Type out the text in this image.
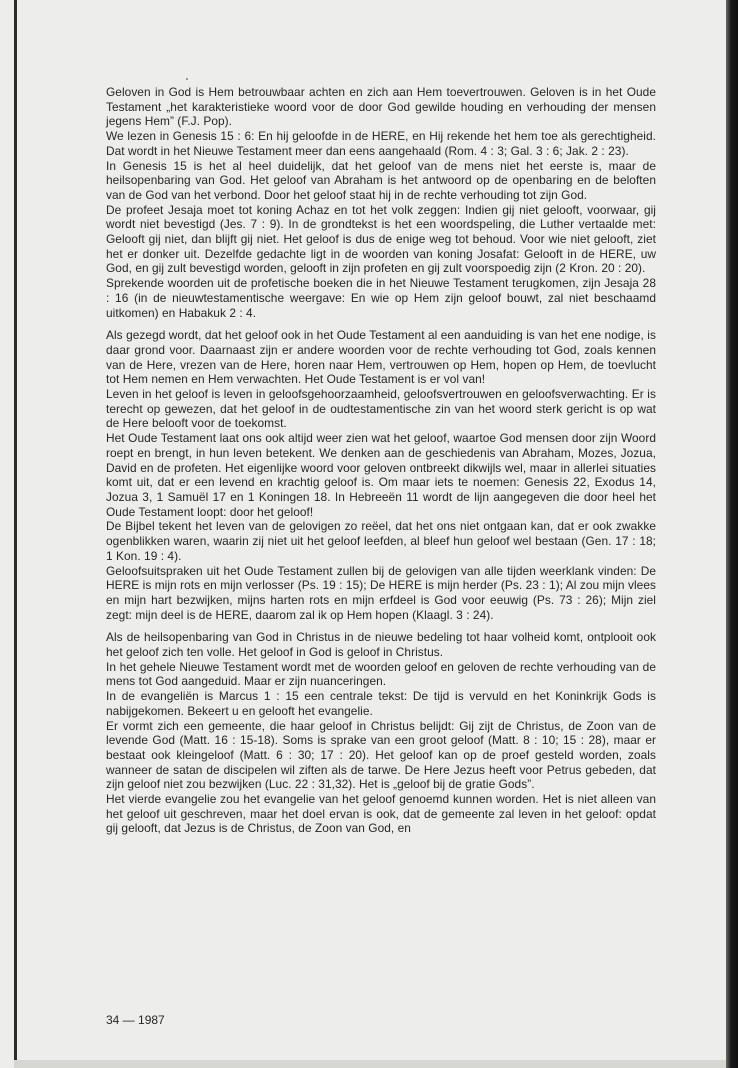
Geloven in God is Hem betrouwbaar achten en zich aan Hem toevertrouwen. Geloven is in het Oude Testament „het karakteristieke woord voor de door God gewilde houding en verhouding der mensen jegens Hem” (F.J. Pop).

We lezen in Genesis 15 : 6: En hij geloofde in de HERE, en Hij rekende het hem toe als gerechtigheid. Dat wordt in het Nieuwe Testament meer dan eens aangehaald (Rom. 4 : 3; Gal. 3 : 6; Jak. 2 : 23).

In Genesis 15 is het al heel duidelijk, dat het geloof van de mens niet het eerste is, maar de heilsopenbaring van God. Het geloof van Abraham is het antwoord op de openbaring en de beloften van de God van het verbond. Door het geloof staat hij in de rechte verhouding tot zijn God.

De profeet Jesaja moet tot koning Achaz en tot het volk zeggen: Indien gij niet gelooft, voorwaar, gij wordt niet bevestigd (Jes. 7 : 9). In de grondtekst is het een woordspeling, die Luther vertaalde met: Gelooft gij niet, dan blijft gij niet. Het geloof is dus de enige weg tot behoud. Voor wie niet gelooft, ziet het er donker uit. Dezelfde gedachte ligt in de woorden van koning Josafat: Gelooft in de HERE, uw God, en gij zult bevestigd worden, gelooft in zijn profeten en gij zult voorspoedig zijn (2 Kron. 20 : 20).

Sprekende woorden uit de profetische boeken die in het Nieuwe Testament terugkomen, zijn Jesaja 28 : 16 (in de nieuwtestamentische weergave: En wie op Hem zijn geloof bouwt, zal niet beschaamd uitkomen) en Habakuk 2 : 4.

Als gezegd wordt, dat het geloof ook in het Oude Testament al een aanduiding is van het ene nodige, is daar grond voor. Daarnaast zijn er andere woorden voor de rechte verhouding tot God, zoals kennen van de Here, vrezen van de Here, horen naar Hem, vertrouwen op Hem, hopen op Hem, de toevlucht tot Hem nemen en Hem verwachten. Het Oude Testament is er vol van!

Leven in het geloof is leven in geloofsgehoorzaamheid, geloofsvertrouwen en geloofsverwachting. Er is terecht op gewezen, dat het geloof in de oudtestamentische zin van het woord sterk gericht is op wat de Here belooft voor de toekomst.

Het Oude Testament laat ons ook altijd weer zien wat het geloof, waartoe God mensen door zijn Woord roept en brengt, in hun leven betekent. We denken aan de geschiedenis van Abraham, Mozes, Jozua, David en de profeten. Het eigenlijke woord voor geloven ontbreekt dikwijls wel, maar in allerlei situaties komt uit, dat er een levend en krachtig geloof is. Om maar iets te noemen: Genesis 22, Exodus 14, Jozua 3, 1 Samuël 17 en 1 Koningen 18. In Hebreeën 11 wordt de lijn aangegeven die door heel het Oude Testament loopt: door het geloof!

De Bijbel tekent het leven van de gelovigen zo reëel, dat het ons niet ontgaan kan, dat er ook zwakke ogenblikken waren, waarin zij niet uit het geloof leefden, al bleef hun geloof wel bestaan (Gen. 17 : 18; 1 Kon. 19 : 4).

Geloofsuitspraken uit het Oude Testament zullen bij de gelovigen van alle tijden weerklank vinden: De HERE is mijn rots en mijn verlosser (Ps. 19 : 15); De HERE is mijn herder (Ps. 23 : 1); Al zou mijn vlees en mijn hart bezwijken, mijns harten rots en mijn erfdeel is God voor eeuwig (Ps. 73 : 26); Mijn ziel zegt: mijn deel is de HERE, daarom zal ik op Hem hopen (Klaagl. 3 : 24).

Als de heilsopenbaring van God in Christus in de nieuwe bedeling tot haar volheid komt, ontplooit ook het geloof zich ten volle. Het geloof in God is geloof in Christus.

In het gehele Nieuwe Testament wordt met de woorden geloof en geloven de rechte verhouding van de mens tot God aangeduid. Maar er zijn nuanceringen.

In de evangeliën is Marcus 1 : 15 een centrale tekst: De tijd is vervuld en het Koninkrijk Gods is nabijgekomen. Bekeert u en gelooft het evangelie.

Er vormt zich een gemeente, die haar geloof in Christus belijdt: Gij zijt de Christus, de Zoon van de levende God (Matt. 16 : 15-18). Soms is sprake van een groot geloof (Matt. 8 : 10; 15 : 28), maar er bestaat ook kleingeloof (Matt. 6 : 30; 17 : 20). Het geloof kan op de proef gesteld worden, zoals wanneer de satan de discipelen wil ziften als de tarwe. De Here Jezus heeft voor Petrus gebeden, dat zijn geloof niet zou bezwijken (Luc. 22 : 31,32). Het is „geloof bij de gratie Gods”.

Het vierde evangelie zou het evangelie van het geloof genoemd kunnen worden. Het is niet alleen van het geloof uit geschreven, maar het doel ervan is ook, dat de gemeente zal leven in het geloof: opdat gij gelooft, dat Jezus is de Christus, de Zoon van God, en

34 — 1987
